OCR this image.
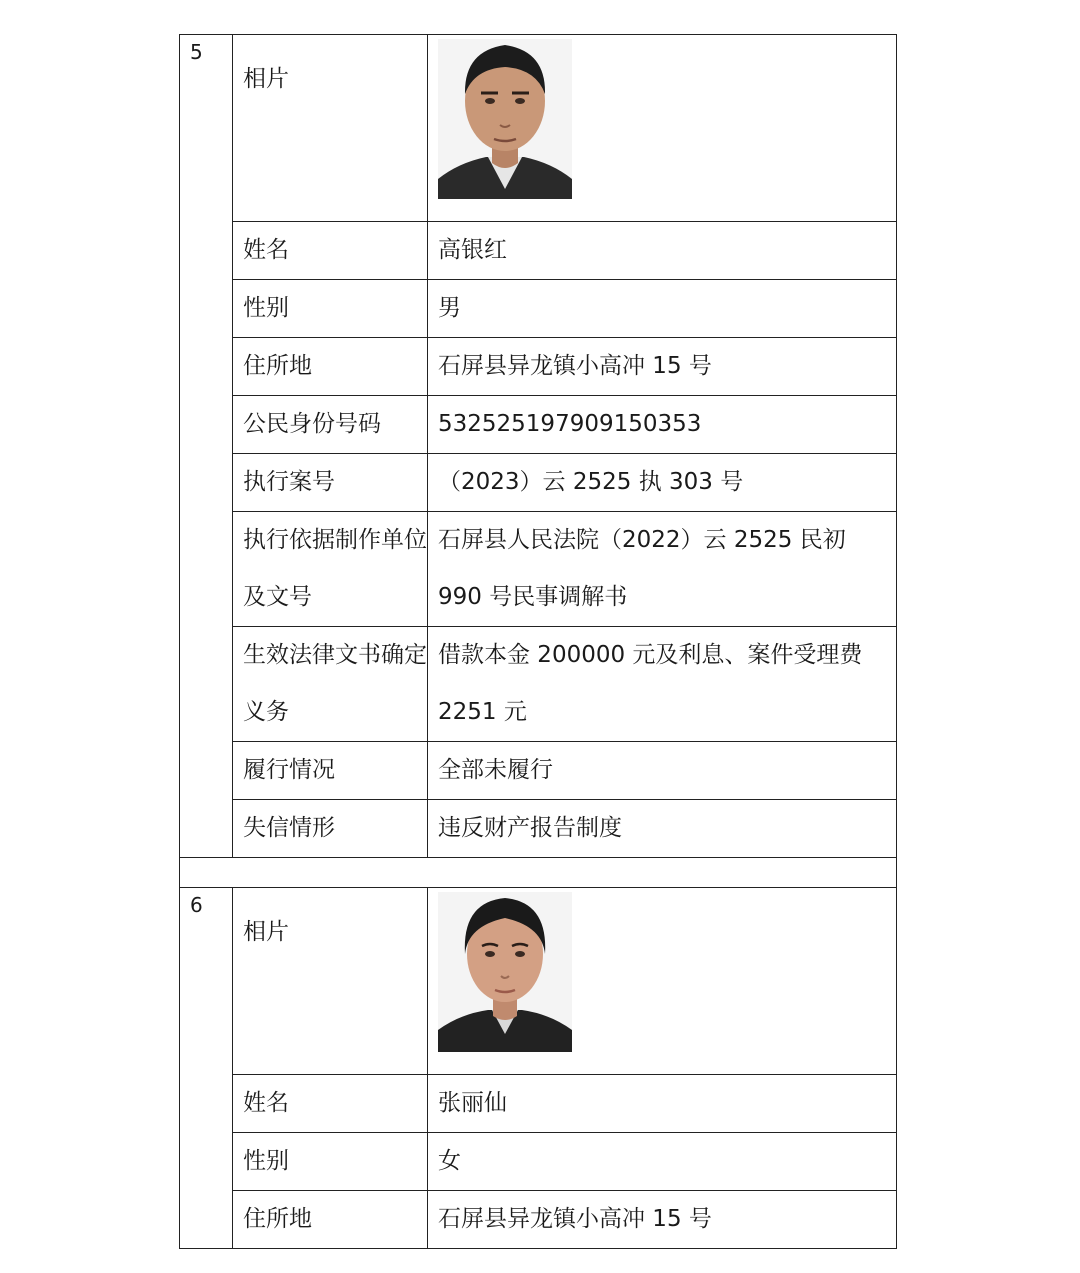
5	相片	

	姓名	高银红
	性别	男
	住所地	石屏县异龙镇小高冲 15 号
	公民身份号码	532525197909150353
	执行案号	（2023）云 2525 执 303 号
	执行依据制作单位及文号	石屏县人民法院（2022）云 2525 民初 990 号民事调解书
	生效法律文书确定义务	借款本金 200000 元及利息、案件受理费 2251 元
	履行情况	全部未履行
	失信情形	违反财产报告制度
6	相片	

	姓名	张丽仙
	性别	女
	住所地	石屏县异龙镇小高冲 15 号
